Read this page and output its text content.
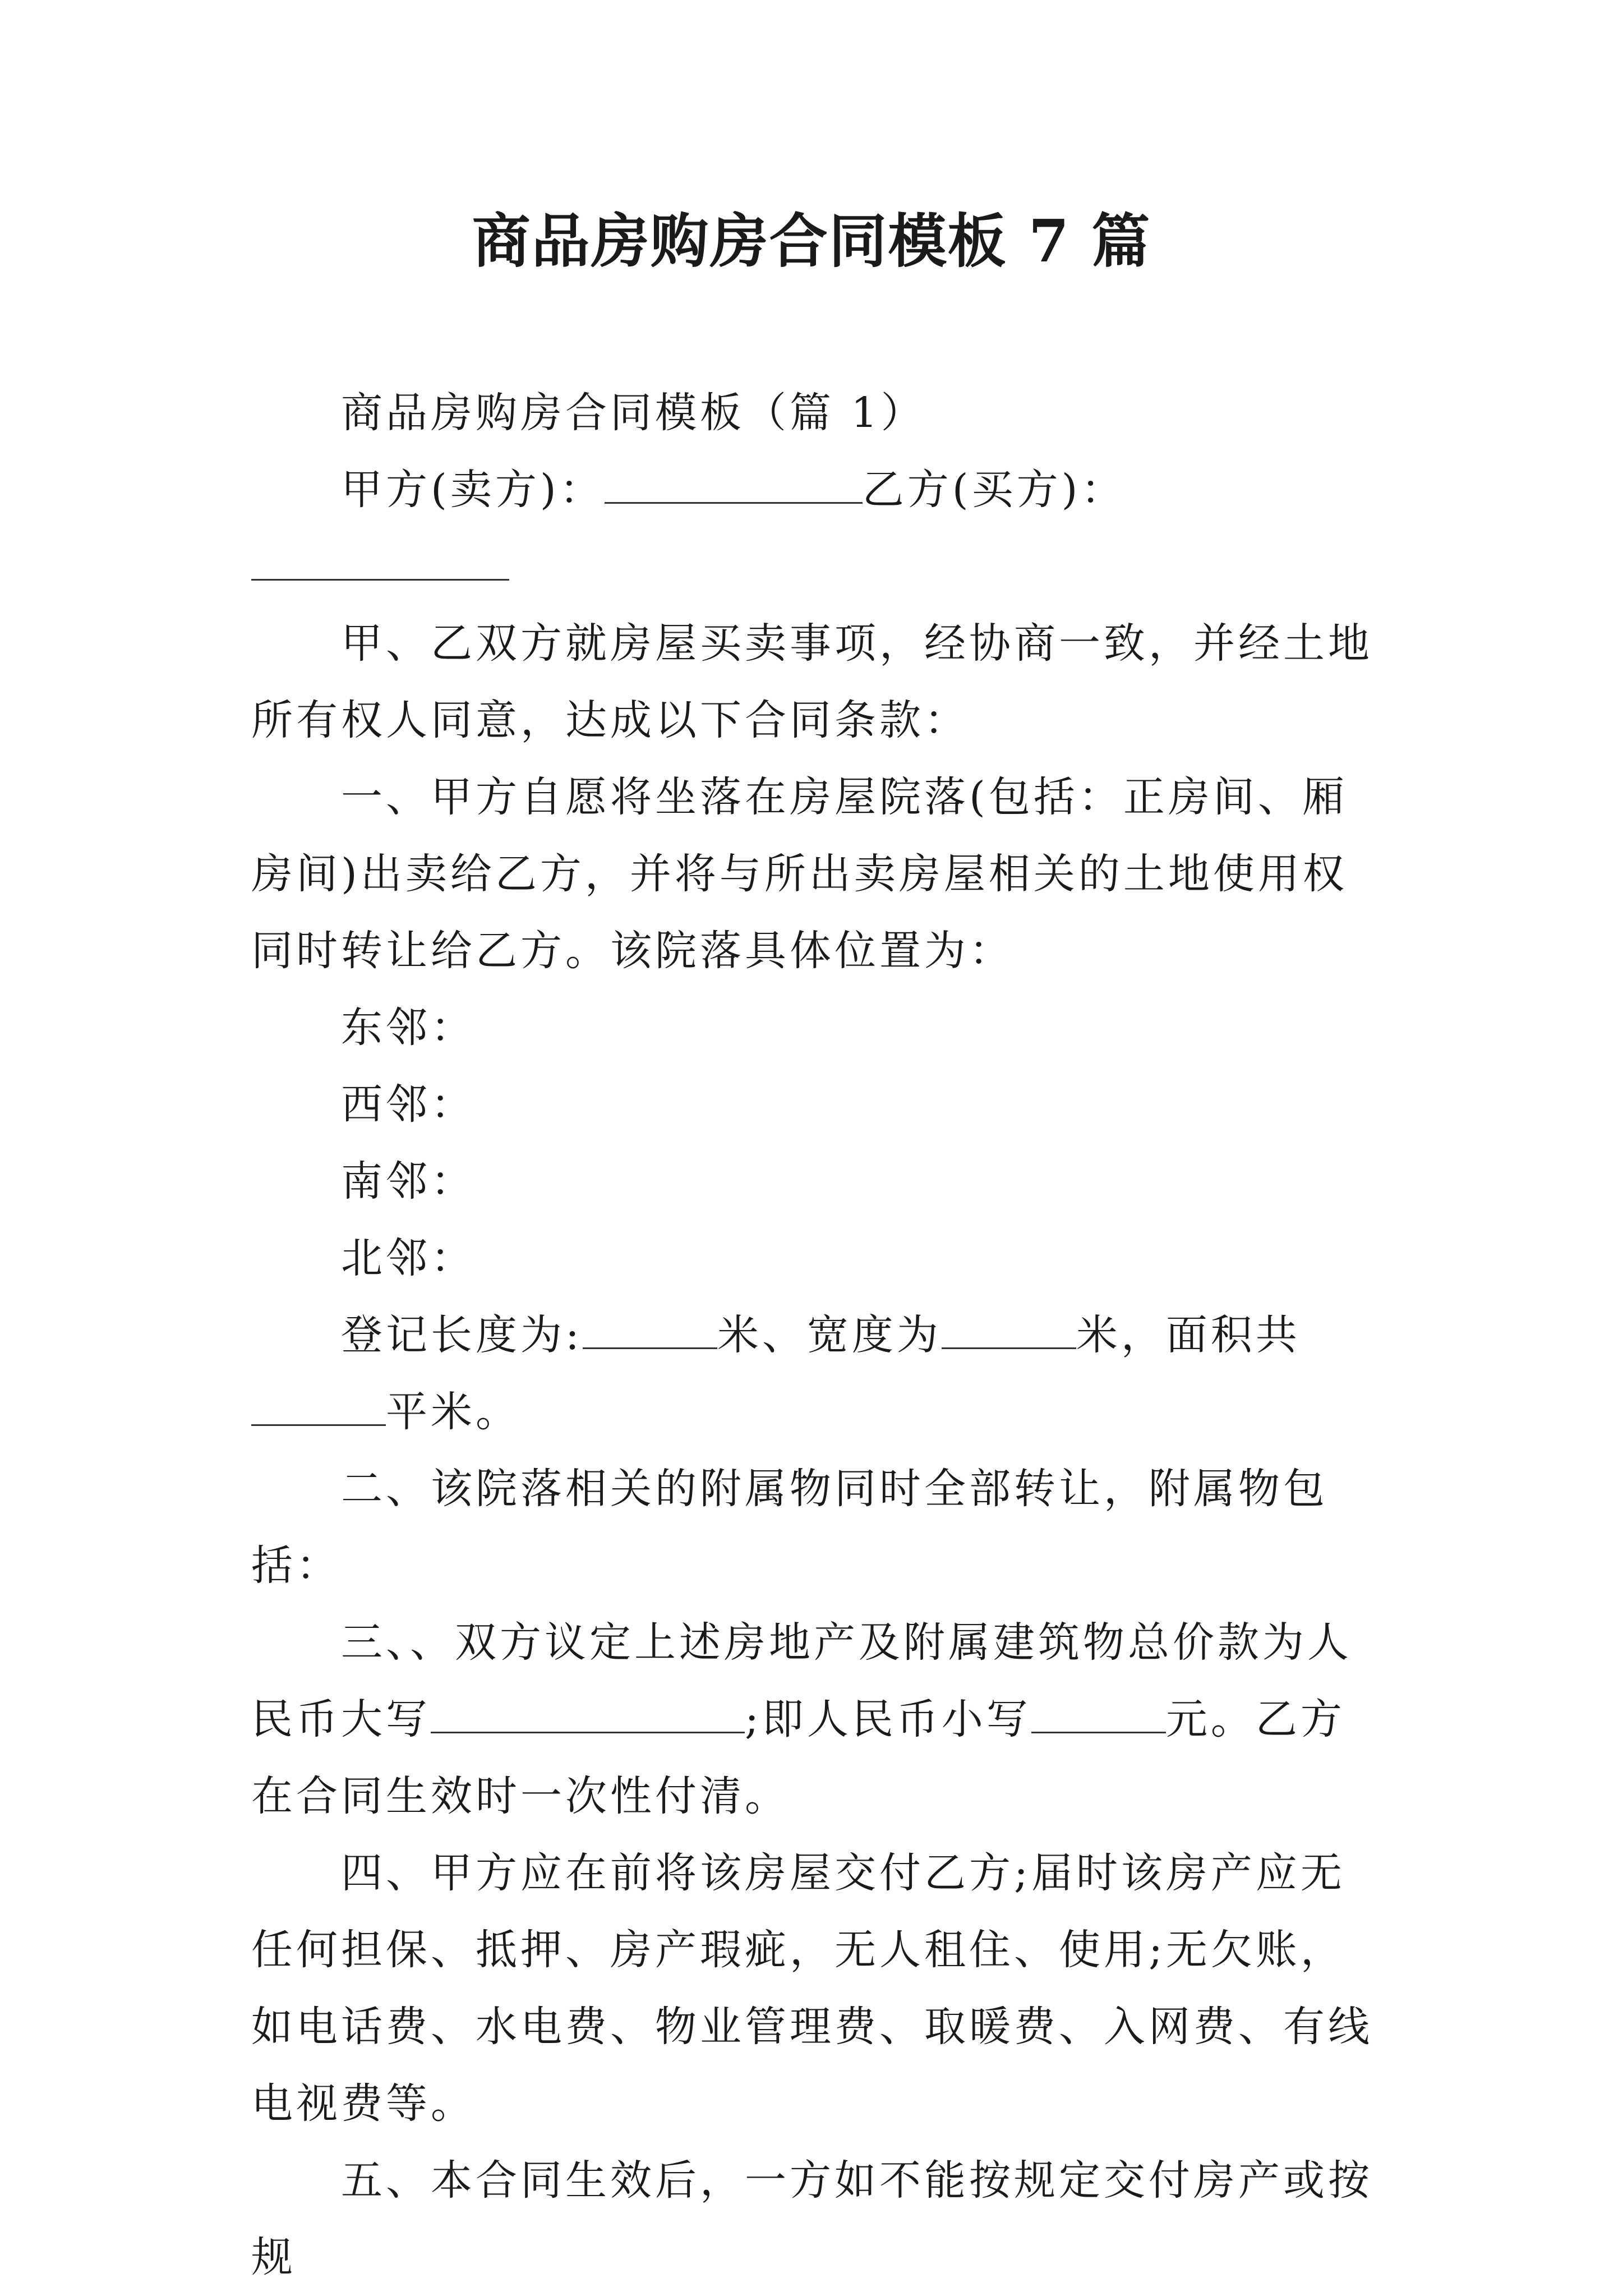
商品房购房合同模板 7 篇

商品房购房合同模板（篇 1）

甲方(卖方)：	乙方(买方)：

甲、乙双方就房屋买卖事项，经协商一致，并经土地所有权人同意，达成以下合同条款：

一、甲方自愿将坐落在房屋院落(包括：正房间、厢房间)出卖给乙方，并将与所出卖房屋相关的土地使用权同时转让给乙方。该院落具体位置为：

东邻：

西邻：

南邻：

北邻：

登记长度为:	米、宽度为	米，面积共平米。

二、该院落相关的附属物同时全部转让，附属物包括：

三、、双方议定上述房地产及附属建筑物总价款为人民币大写	;即人民币小写	元。乙方在合同生效时一次性付清。

四、甲方应在前将该房屋交付乙方;届时该房产应无任何担保、抵押、房产瑕疵，无人租住、使用;无欠账，如电话费、水电费、物业管理费、取暖费、入网费、有线电视费等。

五、本合同生效后，一方如不能按规定交付房产或按规
